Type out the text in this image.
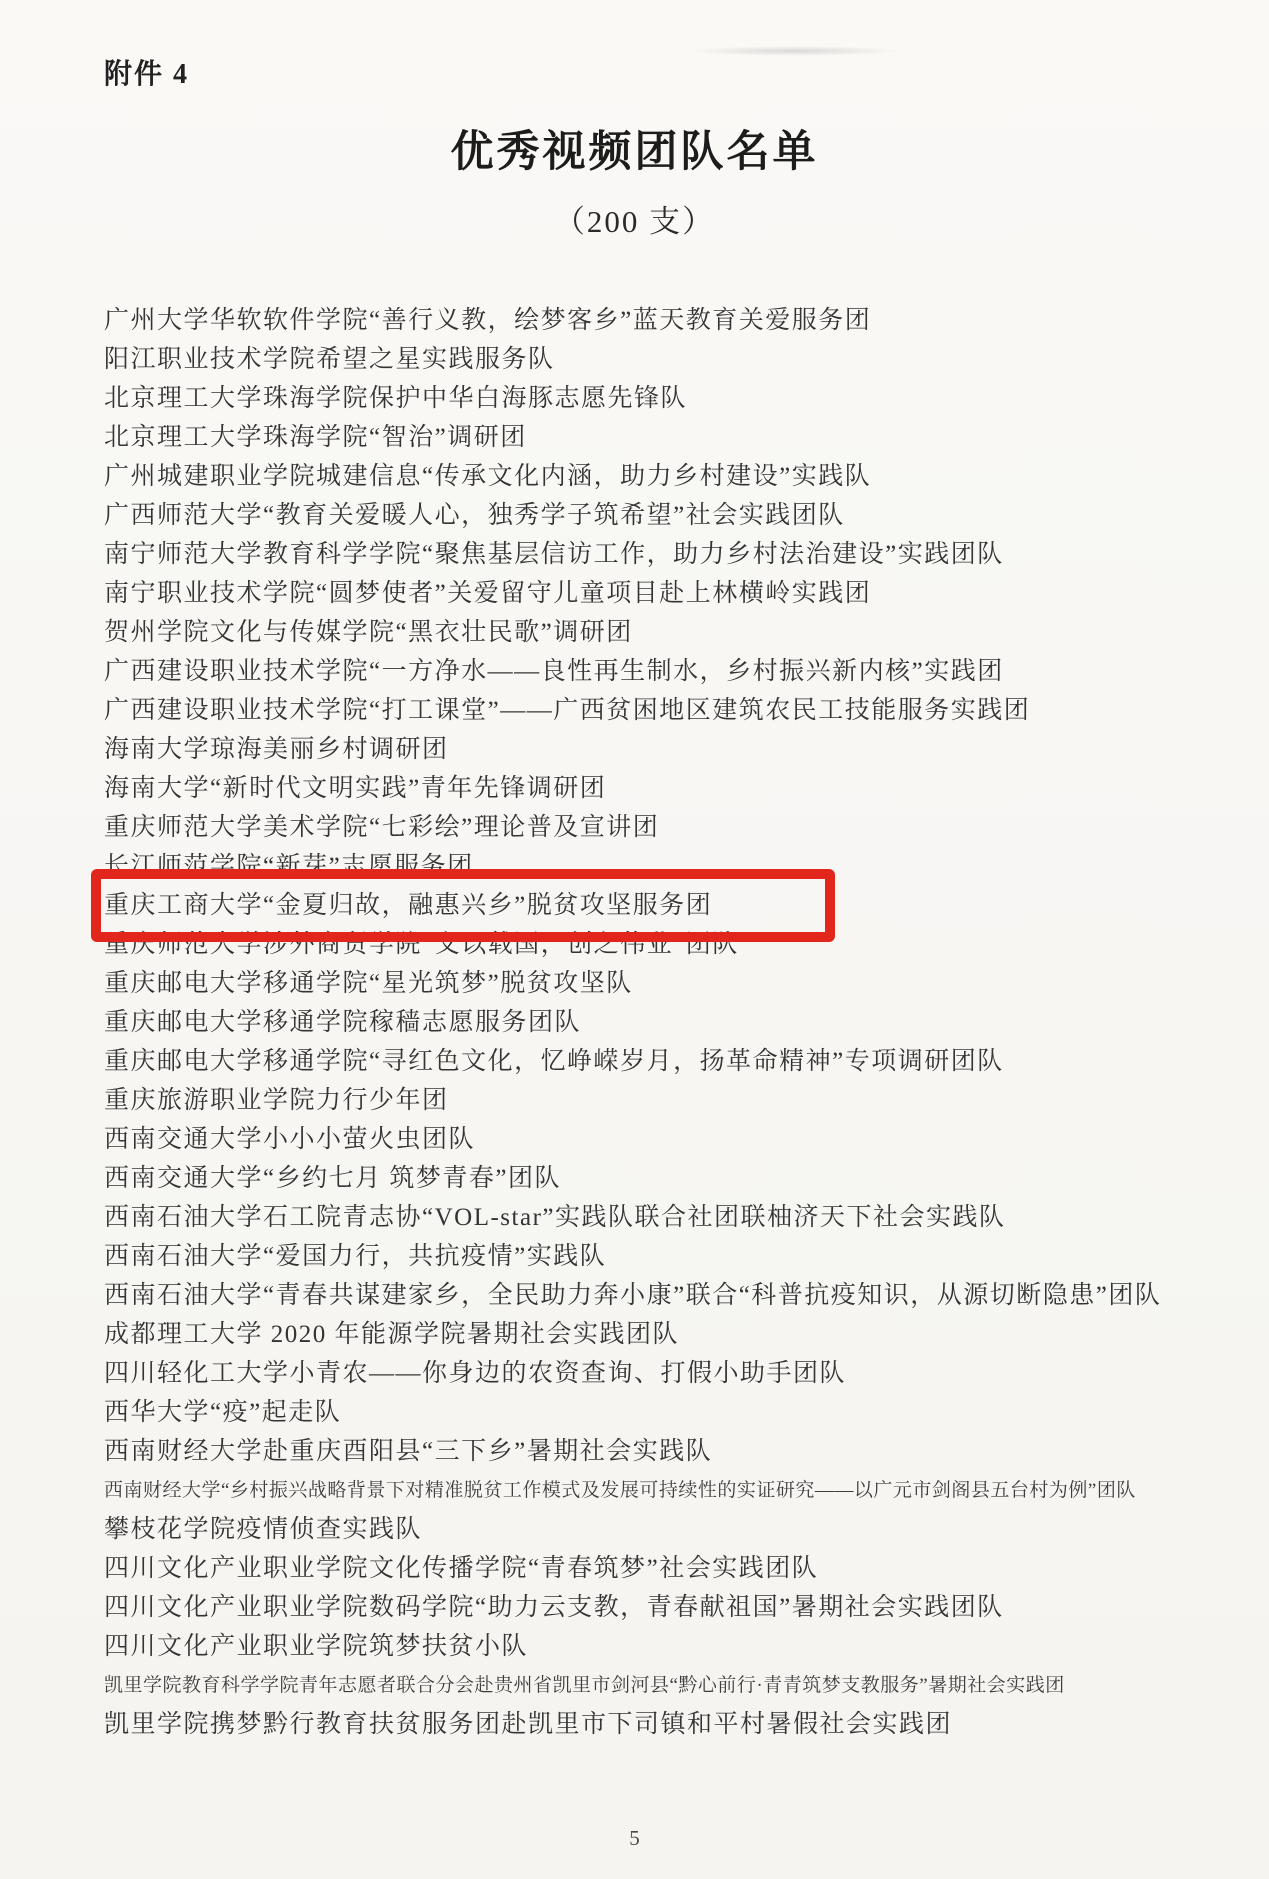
附件 4
优秀视频团队名单
（200 支）
广州大学华软软件学院“善行义教，绘梦客乡”蓝天教育关爱服务团
阳江职业技术学院希望之星实践服务队
北京理工大学珠海学院保护中华白海豚志愿先锋队
北京理工大学珠海学院“智治”调研团
广州城建职业学院城建信息“传承文化内涵，助力乡村建设”实践队
广西师范大学“教育关爱暖人心，独秀学子筑希望”社会实践团队
南宁师范大学教育科学学院“聚焦基层信访工作，助力乡村法治建设”实践团队
南宁职业技术学院“圆梦使者”关爱留守儿童项目赴上林横岭实践团
贺州学院文化与传媒学院“黑衣壮民歌”调研团
广西建设职业技术学院“一方净水——良性再生制水，乡村振兴新内核”实践团
广西建设职业技术学院“打工课堂”——广西贫困地区建筑农民工技能服务实践团
海南大学琼海美丽乡村调研团
海南大学“新时代文明实践”青年先锋调研团
重庆师范大学美术学院“七彩绘”理论普及宣讲团
长江师范学院“新芽”志愿服务团
重庆工商大学“金夏归故，融惠兴乡”脱贫攻坚服务团
重庆师范大学涉外商贸学院“文以载国，创之伟业”团队
重庆邮电大学移通学院“星光筑梦”脱贫攻坚队
重庆邮电大学移通学院稼穑志愿服务团队
重庆邮电大学移通学院“寻红色文化，忆峥嵘岁月，扬革命精神”专项调研团队
重庆旅游职业学院力行少年团
西南交通大学小小小萤火虫团队
西南交通大学“乡约七月 筑梦青春”团队
西南石油大学石工院青志协“VOL-star”实践队联合社团联柚济天下社会实践队
西南石油大学“爱国力行，共抗疫情”实践队
西南石油大学“青春共谋建家乡，全民助力奔小康”联合“科普抗疫知识，从源切断隐患”团队
成都理工大学 2020 年能源学院暑期社会实践团队
四川轻化工大学小青农——你身边的农资查询、打假小助手团队
西华大学“疫”起走队
西南财经大学赴重庆酉阳县“三下乡”暑期社会实践队
西南财经大学“乡村振兴战略背景下对精准脱贫工作模式及发展可持续性的实证研究——以广元市剑阁县五台村为例”团队
攀枝花学院疫情侦查实践队
四川文化产业职业学院文化传播学院“青春筑梦”社会实践团队
四川文化产业职业学院数码学院“助力云支教，青春献祖国”暑期社会实践团队
四川文化产业职业学院筑梦扶贫小队
凯里学院教育科学学院青年志愿者联合分会赴贵州省凯里市剑河县“黔心前行·青青筑梦支教服务”暑期社会实践团
凯里学院携梦黔行教育扶贫服务团赴凯里市下司镇和平村暑假社会实践团
5
